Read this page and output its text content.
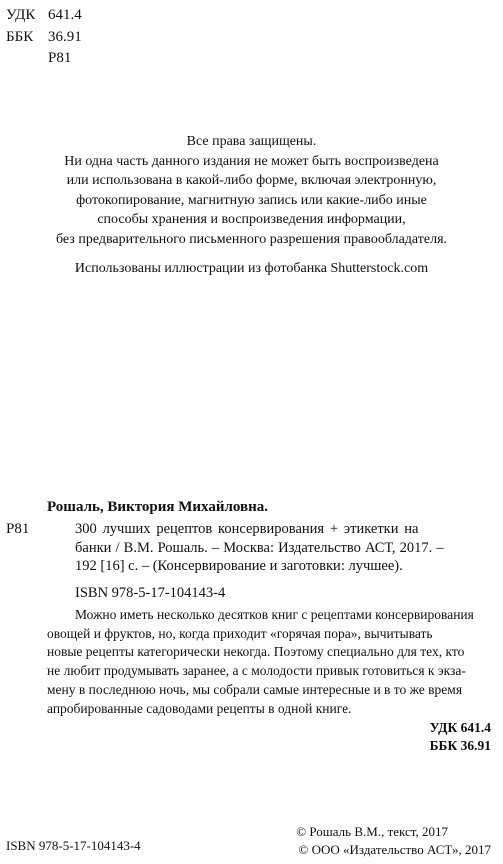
УДК 641.4
ББК 36.91
Р81
Все права защищены.
Ни одна часть данного издания не может быть воспроизведена
или использована в какой-либо форме, включая электронную,
фотокопирование, магнитную запись или какие-либо иные
способы хранения и воспроизведения информации,
без предварительного письменного разрешения правообладателя.
Использованы иллюстрации из фотобанка Shutterstock.com
Рошаль, Виктория Михайловна.
Р81	300 лучших рецептов консервирования + этикетки на
банки / В.М. Рошаль. – Москва: Издательство АСТ, 2017. –
192 [16] с. – (Консервирование и заготовки: лучшее).
ISBN 978-5-17-104143-4
Можно иметь несколько десятков книг с рецептами консервирования
овощей и фруктов, но, когда приходит «горячая пора», вычитывать
новые рецепты категорически некогда. Поэтому специально для тех, кто
не любит продумывать заранее, а с молодости привык готовиться к экза-
мену в последнюю ночь, мы собрали самые интересные и в то же время
апробированные садоводами рецепты в одной книге.
УДК 641.4
ББК 36.91
ISBN 978-5-17-104143-4
© Рошаль В.М., текст, 2017
© ООО «Издательство АСТ», 2017
